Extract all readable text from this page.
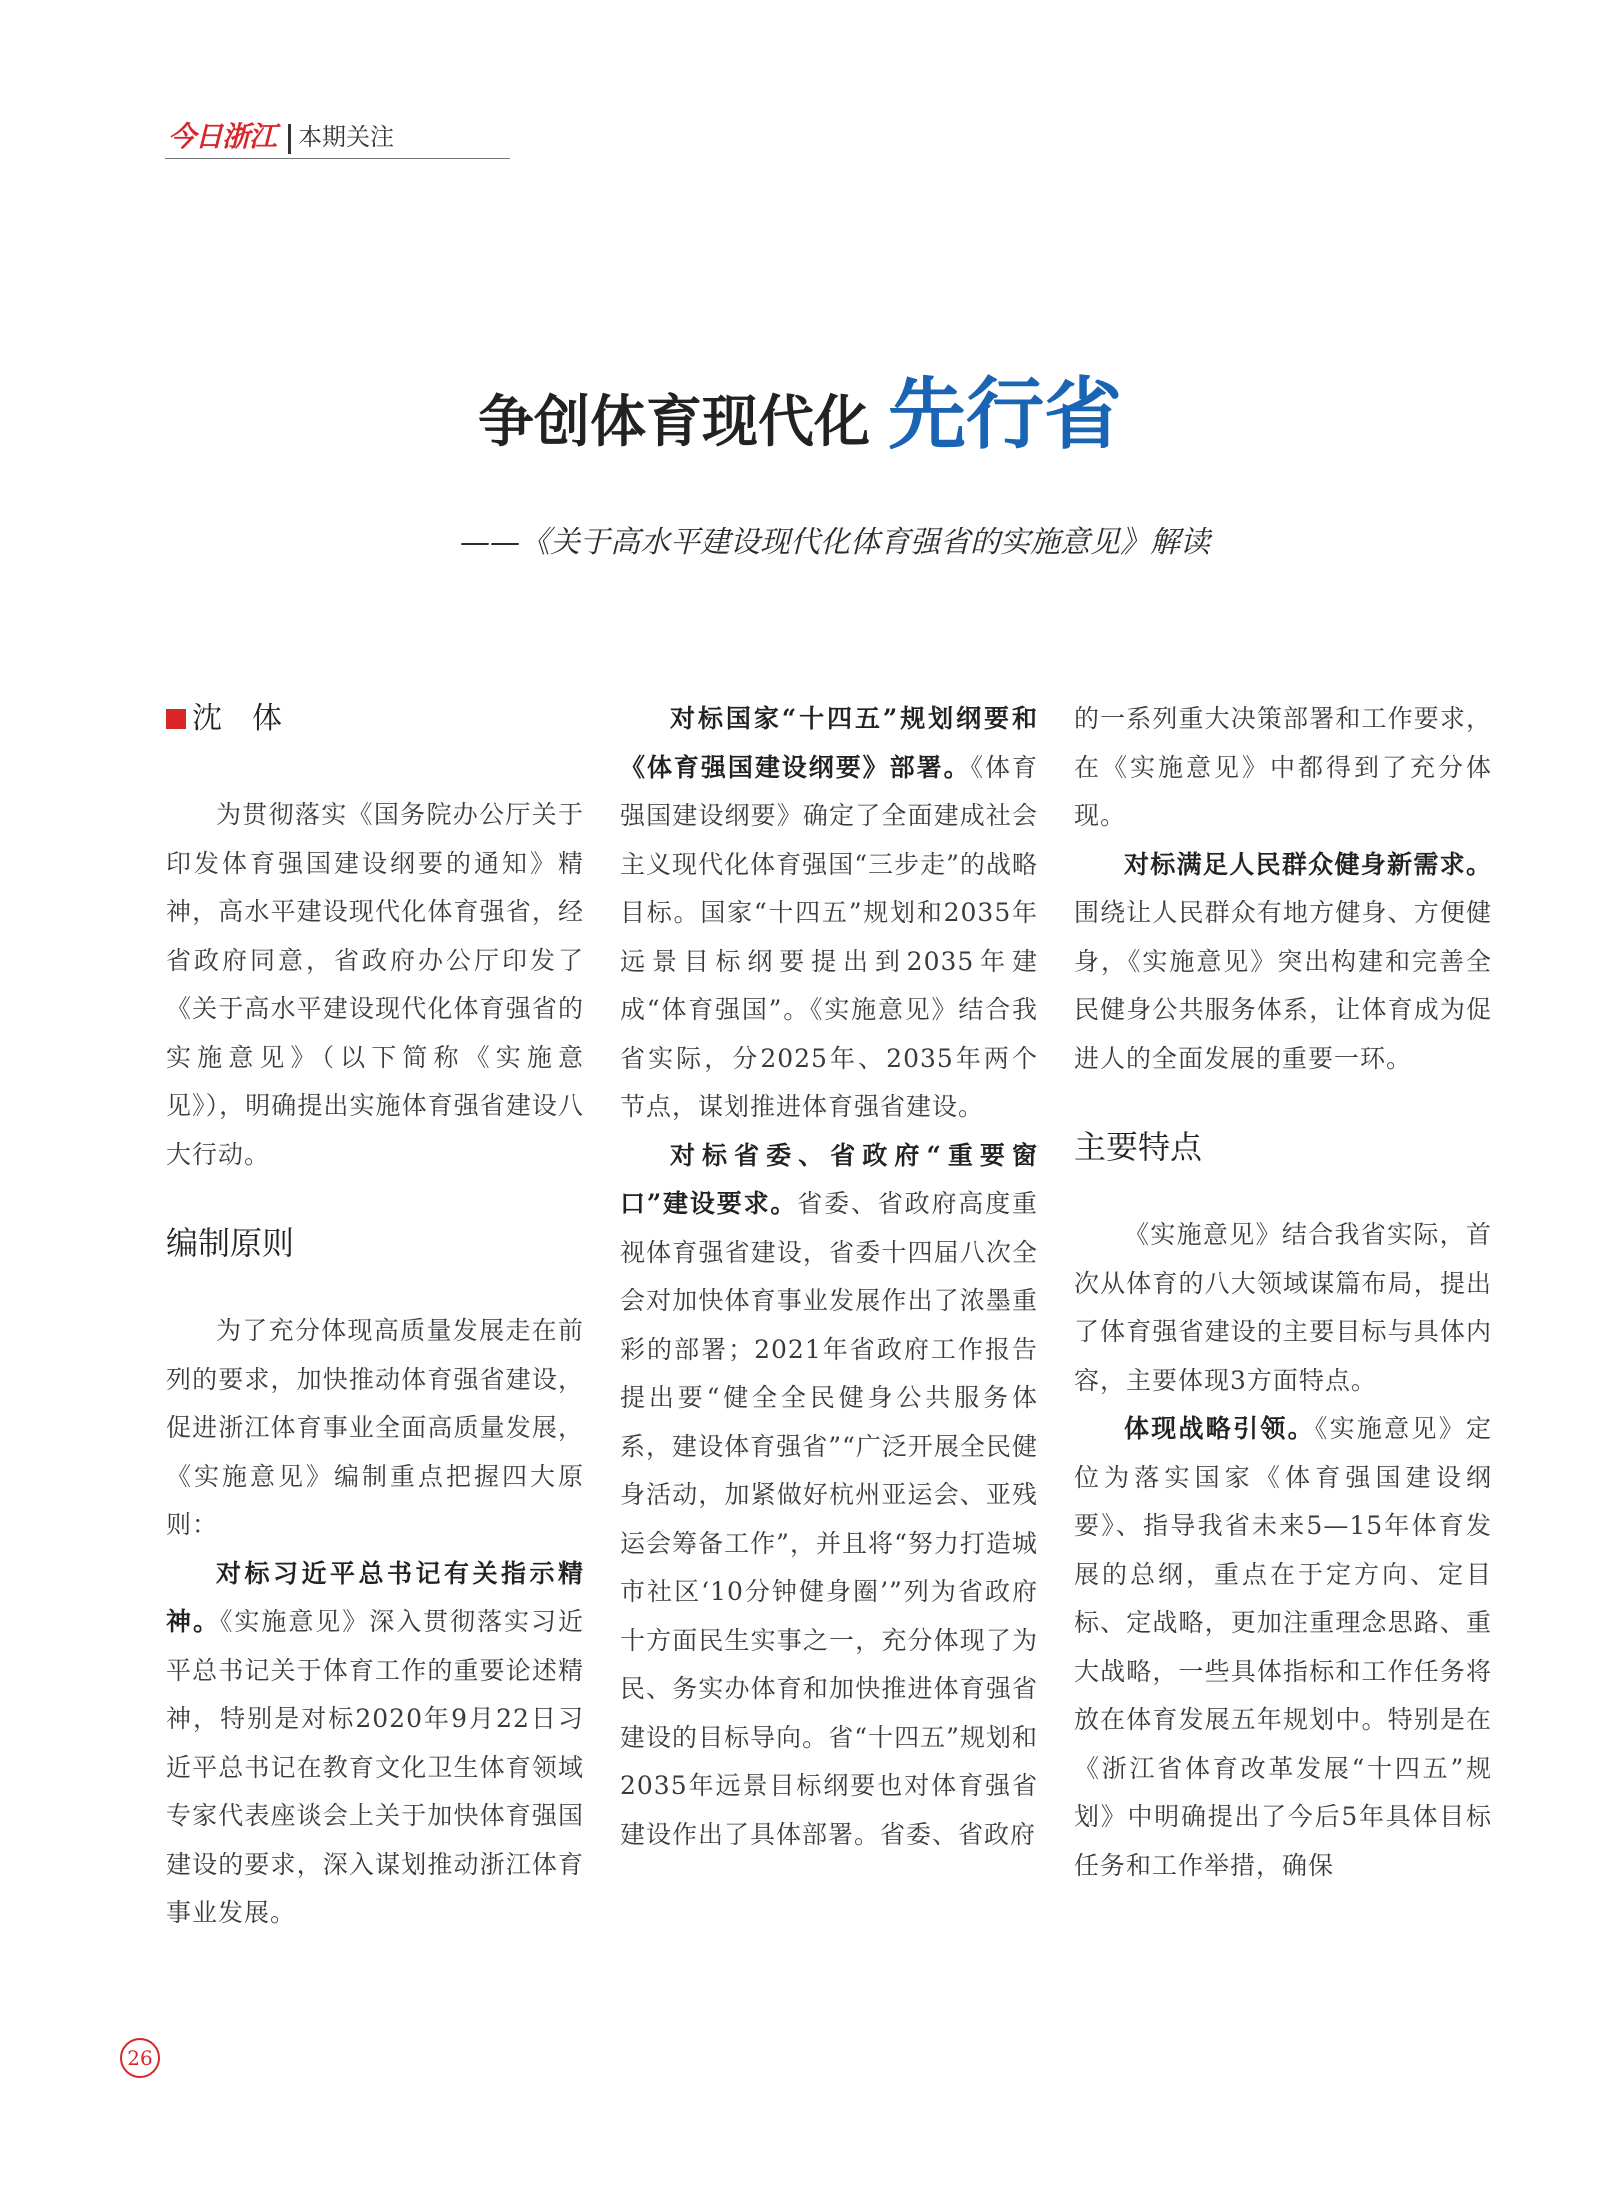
今日浙江 本期关注
争创体育现代化 先行省
——《关于高水平建设现代化体育强省的实施意见》解读
沈　体

为贯彻落实《国务院办公厅关于印发体育强国建设纲要的通知》精神，高水平建设现代化体育强省，经省政府同意，省政府办公厅印发了《关于高水平建设现代化体育强省的实施意见》（以下简称《实施意见》），明确提出实施体育强省建设八大行动。

编制原则

为了充分体现高质量发展走在前列的要求，加快推动体育强省建设，促进浙江体育事业全面高质量发展，《实施意见》编制重点把握四大原则：

对标习近平总书记有关指示精神。《实施意见》深入贯彻落实习近平总书记关于体育工作的重要论述精神，特别是对标2020年9月22日习近平总书记在教育文化卫生体育领域专家代表座谈会上关于加快体育强国建设的要求，深入谋划推动浙江体育事业发展。

对标国家“十四五”规划纲要和《体育强国建设纲要》部署。《体育强国建设纲要》确定了全面建成社会主义现代化体育强国“三步走”的战略目标。国家“十四五”规划和2035年远景目标纲要提出到2035年建成“体育强国”。《实施意见》结合我省实际，分2025年、2035年两个节点，谋划推进体育强省建设。

对标省委、省政府“重要窗口”建设要求。省委、省政府高度重视体育强省建设，省委十四届八次全会对加快体育事业发展作出了浓墨重彩的部署；2021年省政府工作报告提出要“健全全民健身公共服务体系，建设体育强省”“广泛开展全民健身活动，加紧做好杭州亚运会、亚残运会筹备工作”，并且将“努力打造城市社区‘10分钟健身圈’”列为省政府十方面民生实事之一，充分体现了为民、务实办体育和加快推进体育强省建设的目标导向。省“十四五”规划和2035年远景目标纲要也对体育强省建设作出了具体部署。省委、省政府

的一系列重大决策部署和工作要求，在《实施意见》中都得到了充分体现。

对标满足人民群众健身新需求。围绕让人民群众有地方健身、方便健身，《实施意见》突出构建和完善全民健身公共服务体系，让体育成为促进人的全面发展的重要一环。

主要特点

《实施意见》结合我省实际，首次从体育的八大领域谋篇布局，提出了体育强省建设的主要目标与具体内容，主要体现3方面特点。

体现战略引领。《实施意见》定位为落实国家《体育强国建设纲要》、指导我省未来5—15年体育发展的总纲，重点在于定方向、定目标、定战略，更加注重理念思路、重大战略，一些具体指标和工作任务将放在体育发展五年规划中。特别是在《浙江省体育改革发展“十四五”规划》中明确提出了今后5年具体目标任务和工作举措，确保

26
